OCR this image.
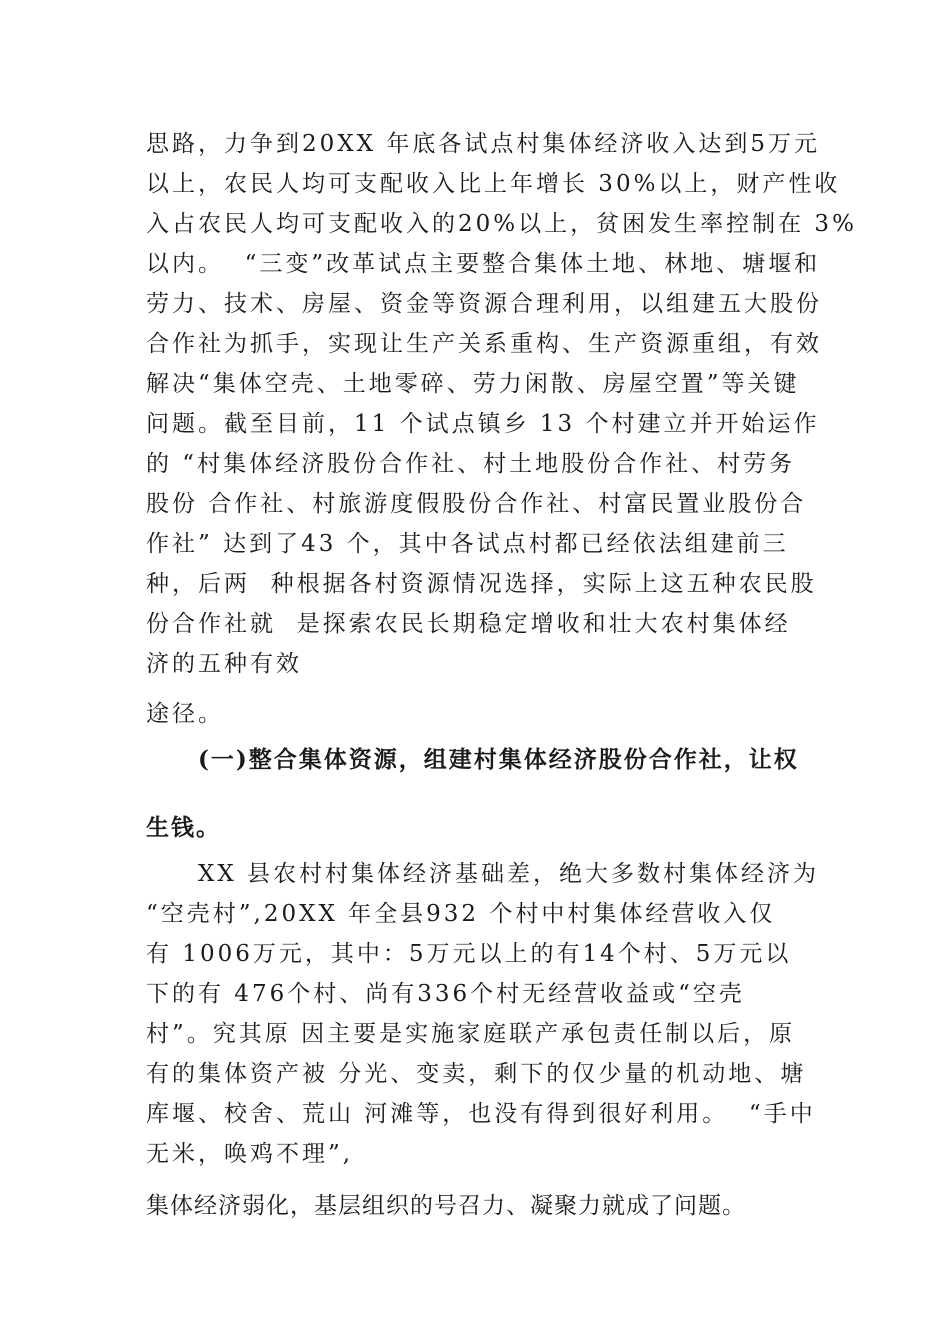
思路，力争到20XX 年底各试点村集体经济收入达到5万元
以上，农民人均可支配收入比上年增长 30%以上，财产性收
入占农民人均可支配收入的20%以上，贫困发生率控制在 3%
以内。  “三变”改革试点主要整合集体土地、林地、塘堰和
劳力、技术、房屋、资金等资源合理利用，以组建五大股份
合作社为抓手，实现让生产关系重构、生产资源重组，有效
解决“集体空壳、土地零碎、劳力闲散、房屋空置”等关键
问题。截至目前，11 个试点镇乡 13 个村建立并开始运作
的 “村集体经济股份合作社、村土地股份合作社、村劳务
股份 合作社、村旅游度假股份合作社、村富民置业股份合
作社” 达到了43 个，其中各试点村都已经依法组建前三
种，后两  种根据各村资源情况选择，实际上这五种农民股
份合作社就  是探索农民长期稳定增收和壮大农村集体经
济的五种有效
途径。
(一)整合集体资源，组建村集体经济股份合作社，让权
生钱。
XX 县农村村集体经济基础差，绝大多数村集体经济为
“空壳村”,20XX 年全县932 个村中村集体经营收入仅
有 1006万元，其中：5万元以上的有14个村、5万元以
下的有 476个村、尚有336个村无经营收益或“空壳
村”。究其原 因主要是实施家庭联产承包责任制以后，原
有的集体资产被 分光、变卖，剩下的仅少量的机动地、塘
库堰、校舍、荒山 河滩等，也没有得到很好利用。  “手中
无米，唤鸡不理”,
集体经济弱化，基层组织的号召力、凝聚力就成了问题。
